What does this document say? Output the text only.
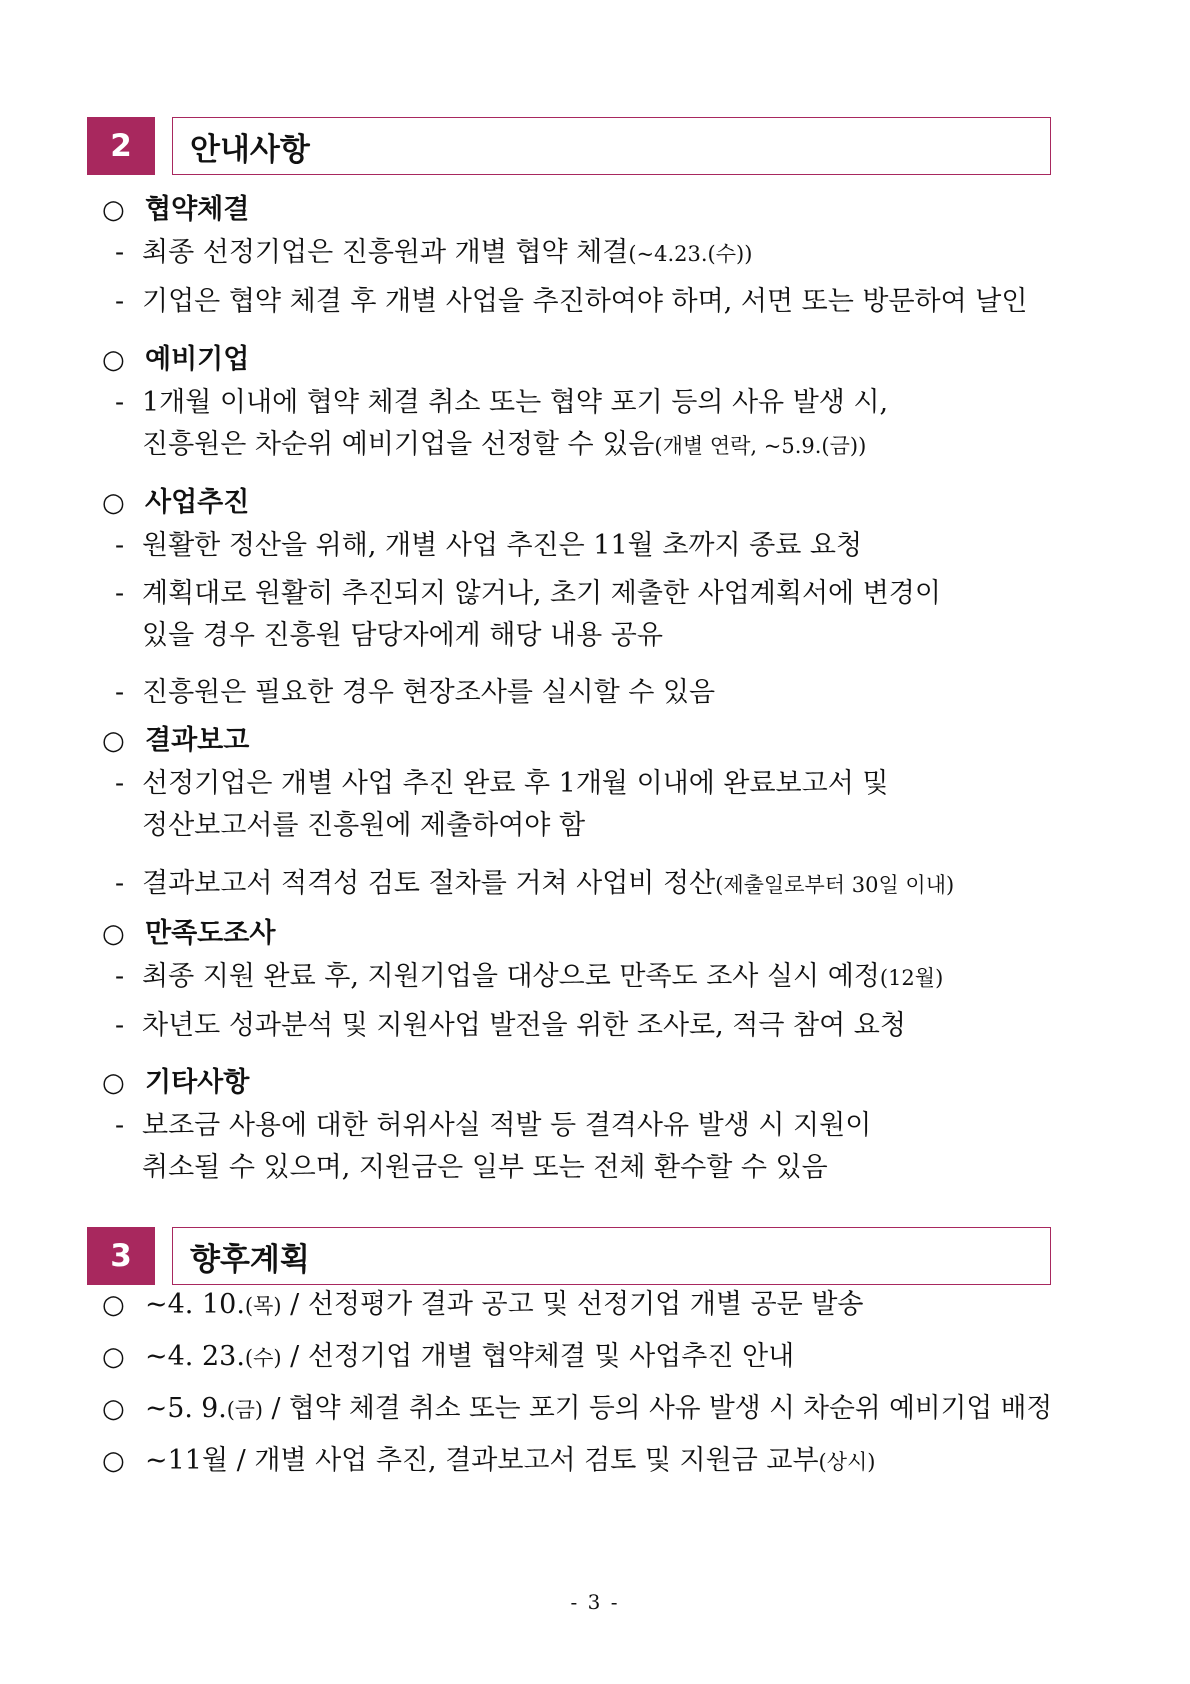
2	안내사항
○ 협약체결
- 최종 선정기업은 진흥원과 개별 협약 체결(~4.23.(수))
- 기업은 협약 체결 후 개별 사업을 추진하여야 하며, 서면 또는 방문하여 날인
○ 예비기업
- 1개월 이내에 협약 체결 취소 또는 협약 포기 등의 사유 발생 시,
진흥원은 차순위 예비기업을 선정할 수 있음(개별 연락, ~5.9.(금))
○ 사업추진
- 원활한 정산을 위해, 개별 사업 추진은 11월 초까지 종료 요청
- 계획대로 원활히 추진되지 않거나, 초기 제출한 사업계획서에 변경이
있을 경우 진흥원 담당자에게 해당 내용 공유
- 진흥원은 필요한 경우 현장조사를 실시할 수 있음
○ 결과보고
- 선정기업은 개별 사업 추진 완료 후 1개월 이내에 완료보고서 및
정산보고서를 진흥원에 제출하여야 함
- 결과보고서 적격성 검토 절차를 거쳐 사업비 정산(제출일로부터 30일 이내)
○ 만족도조사
- 최종 지원 완료 후, 지원기업을 대상으로 만족도 조사 실시 예정(12월)
- 차년도 성과분석 및 지원사업 발전을 위한 조사로, 적극 참여 요청
○ 기타사항
- 보조금 사용에 대한 허위사실 적발 등 결격사유 발생 시 지원이
취소될 수 있으며, 지원금은 일부 또는 전체 환수할 수 있음
3	향후계획
○ ~4. 10.(목) / 선정평가 결과 공고 및 선정기업 개별 공문 발송
○ ~4. 23.(수) / 선정기업 개별 협약체결 및 사업추진 안내
○ ~5. 9.(금) / 협약 체결 취소 또는 포기 등의 사유 발생 시 차순위 예비기업 배정
○ ~11월 / 개별 사업 추진, 결과보고서 검토 및 지원금 교부(상시)
- 3 -
